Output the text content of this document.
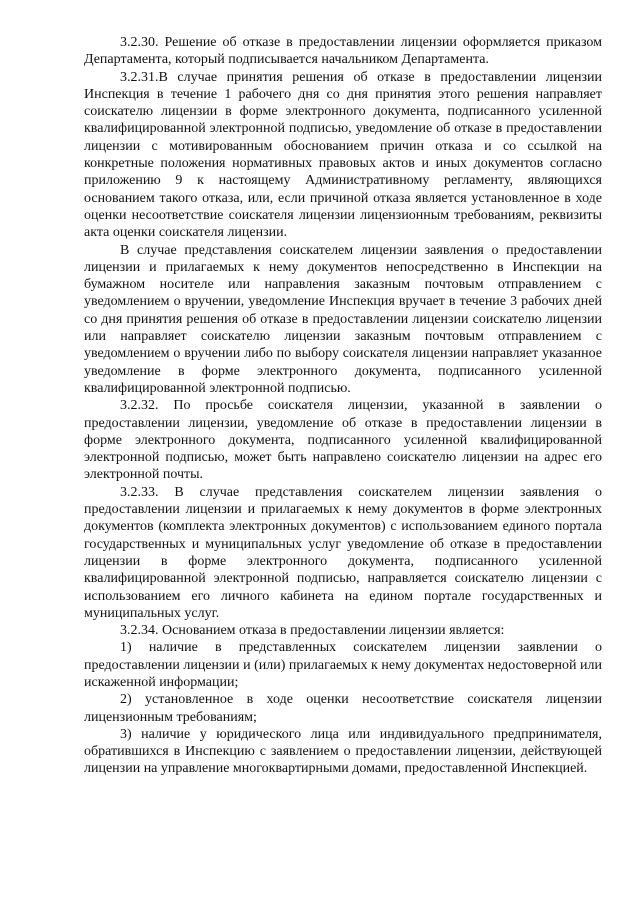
3.2.30. Решение об отказе в предоставлении лицензии оформляется приказом Департамента, который подписывается начальником Департамента.

3.2.31.В случае принятия решения об отказе в предоставлении лицензии Инспекция в течение 1 рабочего дня со дня принятия этого решения направляет соискателю лицензии в форме электронного документа, подписанного усиленной квалифицированной электронной подписью, уведомление об отказе в предоставлении лицензии с мотивированным обоснованием причин отказа и со ссылкой на конкретные положения нормативных правовых актов и иных документов согласно приложению 9 к настоящему Административному регламенту, являющихся основанием такого отказа, или, если причиной отказа является установленное в ходе оценки несоответствие соискателя лицензии лицензионным требованиям, реквизиты акта оценки соискателя лицензии.

В случае представления соискателем лицензии заявления о предоставлении лицензии и прилагаемых к нему документов непосредственно в Инспекции на бумажном носителе или направления заказным почтовым отправлением с уведомлением о вручении, уведомление Инспекция вручает в течение 3 рабочих дней со дня принятия решения об отказе в предоставлении лицензии соискателю лицензии или направляет соискателю лицензии заказным почтовым отправлением с уведомлением о вручении либо по выбору соискателя лицензии направляет указанное уведомление в форме электронного документа, подписанного усиленной квалифицированной электронной подписью.

3.2.32. По просьбе соискателя лицензии, указанной в заявлении о предоставлении лицензии, уведомление об отказе в предоставлении лицензии в форме электронного документа, подписанного усиленной квалифицированной электронной подписью, может быть направлено соискателю лицензии на адрес его электронной почты.

3.2.33. В случае представления соискателем лицензии заявления о предоставлении лицензии и прилагаемых к нему документов в форме электронных документов (комплекта электронных документов) с использованием единого портала государственных и муниципальных услуг уведомление об отказе в предоставлении лицензии в форме электронного документа, подписанного усиленной квалифицированной электронной подписью, направляется соискателю лицензии с использованием его личного кабинета на едином портале государственных и муниципальных услуг.

3.2.34. Основанием отказа в предоставлении лицензии является:

1) наличие в представленных соискателем лицензии заявлении о предоставлении лицензии и (или) прилагаемых к нему документах недостоверной или искаженной информации;

2) установленное в ходе оценки несоответствие соискателя лицензии лицензионным требованиям;

3) наличие у юридического лица или индивидуального предпринимателя, обратившихся в Инспекцию с заявлением о предоставлении лицензии, действующей лицензии на управление многоквартирными домами, предоставленной Инспекцией.
